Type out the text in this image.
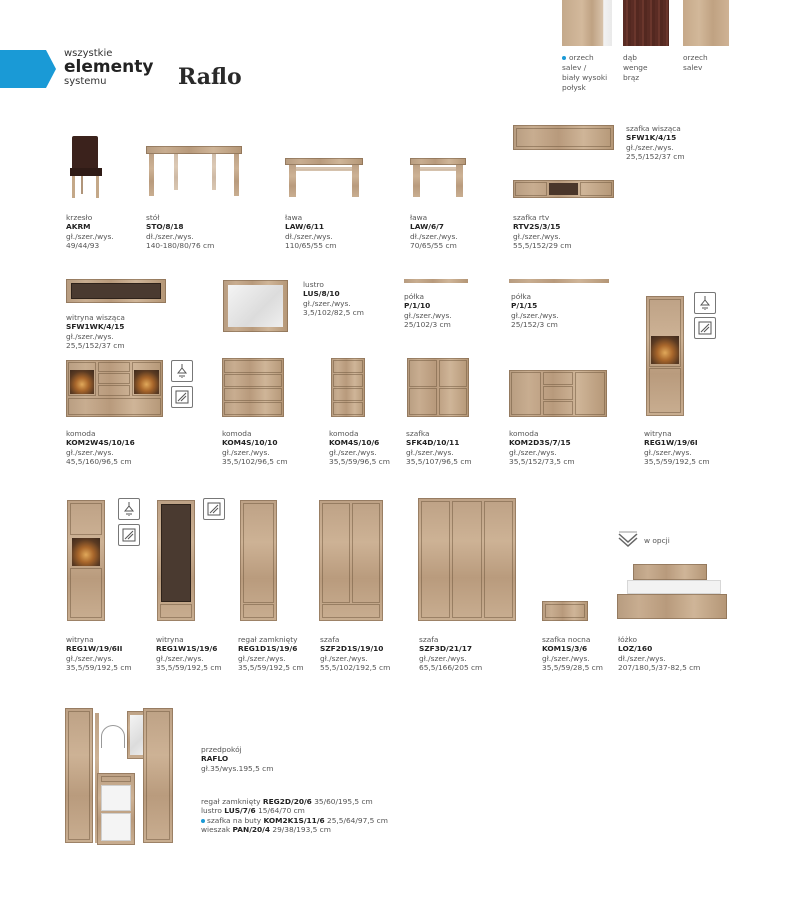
wszystkie
elementy
systemu	Raflo
orzech
salev /
biały wysoki
połysk
dąb
wenge
brąz
orzech
salev
krzesło
AKRM
gł./szer./wys.
49/44/93
stół
STO/8/18
dł./szer./wys.
140-180/80/76 cm
ława
LAW/6/11
dł./szer./wys.
110/65/55 cm
ława
LAW/6/7
dł./szer./wys.
70/65/55 cm
szafka wisząca
SFW1K/4/15
gł./szer./wys.
25,5/152/37 cm
szafka rtv
RTV2S/3/15
gł./szer./wys.
55,5/152/29 cm
witryna wisząca
SFW1WK/4/15
gł./szer./wys.
25,5/152/37 cm
lustro
LUS/8/10
gł./szer./wys.
3,5/102/82,5 cm
półka
P/1/10
gł./szer./wys.
25/102/3 cm
półka
P/1/15
gł./szer./wys.
25/152/3 cm
komoda
KOM2W4S/10/16
gł./szer./wys.
45,5/160/96,5 cm
komoda
KOM4S/10/10
gł./szer./wys.
35,5/102/96,5 cm
komoda
KOM4S/10/6
gł./szer./wys.
35,5/59/96,5 cm
szafka
SFK4D/10/11
gł./szer./wys.
35,5/107/96,5 cm
komoda
KOM2D3S/7/15
gł./szer./wys.
35,5/152/73,5 cm
witryna
REG1W/19/6I
gł./szer./wys.
35,5/59/192,5 cm
witryna
REG1W/19/6II
gł./szer./wys.
35,5/59/192,5 cm
witryna
REG1W1S/19/6
gł./szer./wys.
35,5/59/192,5 cm
regał zamknięty
REG1D1S/19/6
gł./szer./wys.
35,5/59/192,5 cm
szafa
SZF2D1S/19/10
gł./szer./wys.
55,5/102/192,5 cm
szafa
SZF3D/21/17
gł./szer./wys.
65,5/166/205 cm
szafka nocna
KOM1S/3/6
gł./szer./wys.
35,5/59/28,5 cm
w opcji
łóżko
LOZ/160
dł./szer./wys.
207/180,5/37-82,5 cm
przedpokój
RAFLO
gł.35/wys.195,5 cm
regał zamknięty REG2D/20/6 35/60/195,5 cm
lustro LUS/7/6 15/64/70 cm
szafka na buty KOM2K1S/11/6 25,5/64/97,5 cm
wieszak PAN/20/4 29/38/193,5 cm
